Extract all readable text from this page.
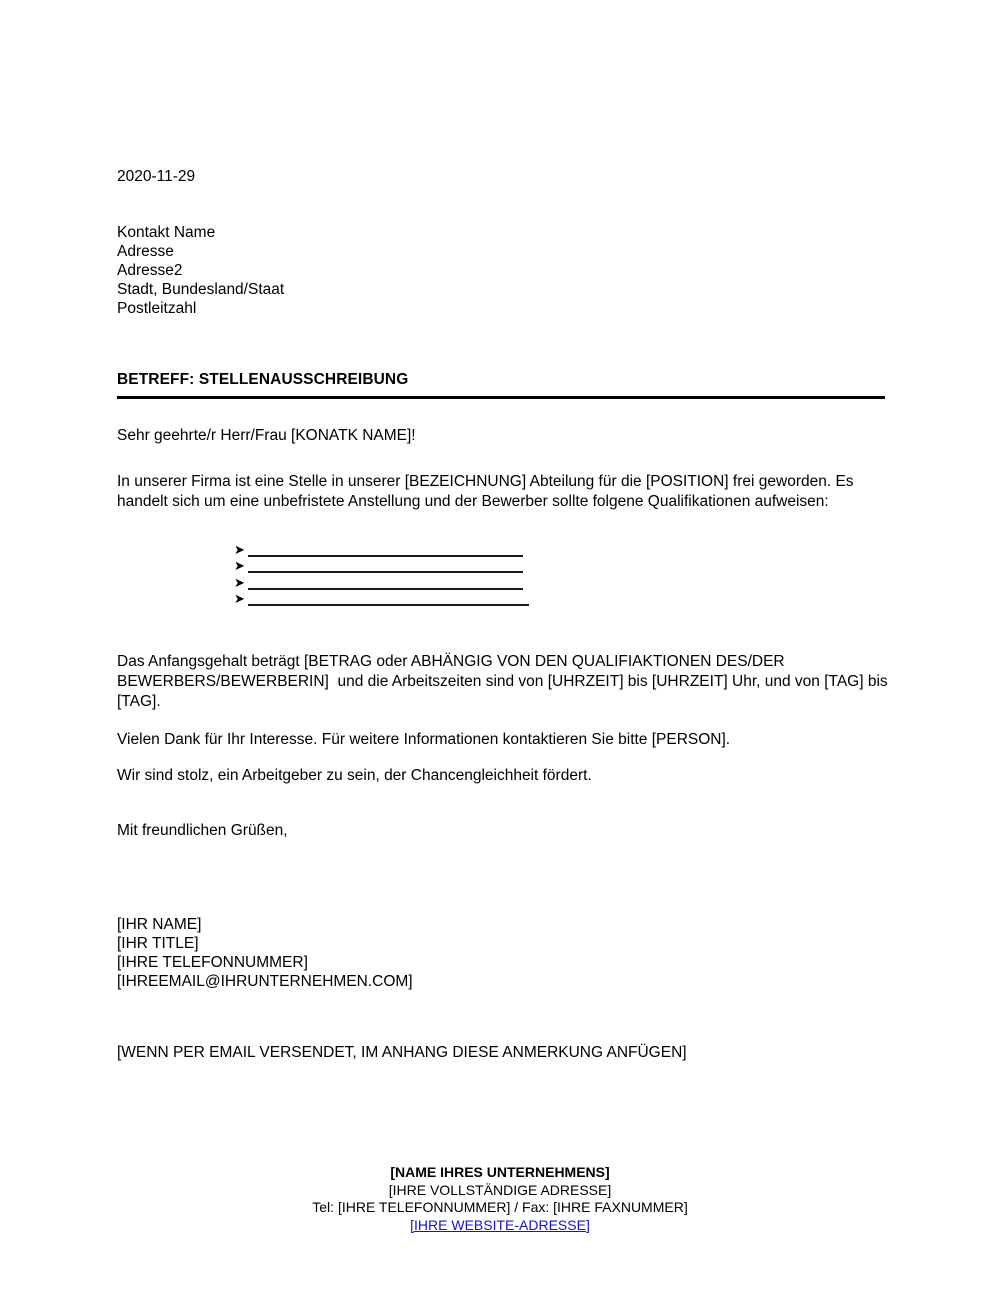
2020-11-29
Kontakt Name
Adresse
Adresse2
Stadt, Bundesland/Staat
Postleitzahl
BETREFF: STELLENAUSSCHREIBUNG
Sehr geehrte/r Herr/Frau [KONATK NAME]!
In unserer Firma ist eine Stelle in unserer [BEZEICHNUNG] Abteilung für die [POSITION] frei geworden. Es handelt sich um eine unbefristete Anstellung und der Bewerber sollte folgene Qualifikationen aufweisen:
➤
➤
➤
➤
Das Anfangsgehalt beträgt [BETRAG oder ABHÄNGIG VON DEN QUALIFIAKTIONEN DES/DER BEWERBERS/BEWERBERIN]  und die Arbeitszeiten sind von [UHRZEIT] bis [UHRZEIT] Uhr, und von [TAG] bis [TAG].
Vielen Dank für Ihr Interesse. Für weitere Informationen kontaktieren Sie bitte [PERSON].
Wir sind stolz, ein Arbeitgeber zu sein, der Chancengleichheit fördert.
Mit freundlichen Grüßen,
[IHR NAME]
[IHR TITLE]
[IHRE TELEFONNUMMER]
[IHREEMAIL@IHRUNTERNEHMEN.COM]
[WENN PER EMAIL VERSENDET, IM ANHANG DIESE ANMERKUNG ANFÜGEN]
[NAME IHRES UNTERNEHMENS]
[IHRE VOLLSTÄNDIGE ADRESSE]
Tel: [IHRE TELEFONNUMMER] / Fax: [IHRE FAXNUMMER]
[IHRE WEBSITE-ADRESSE]
